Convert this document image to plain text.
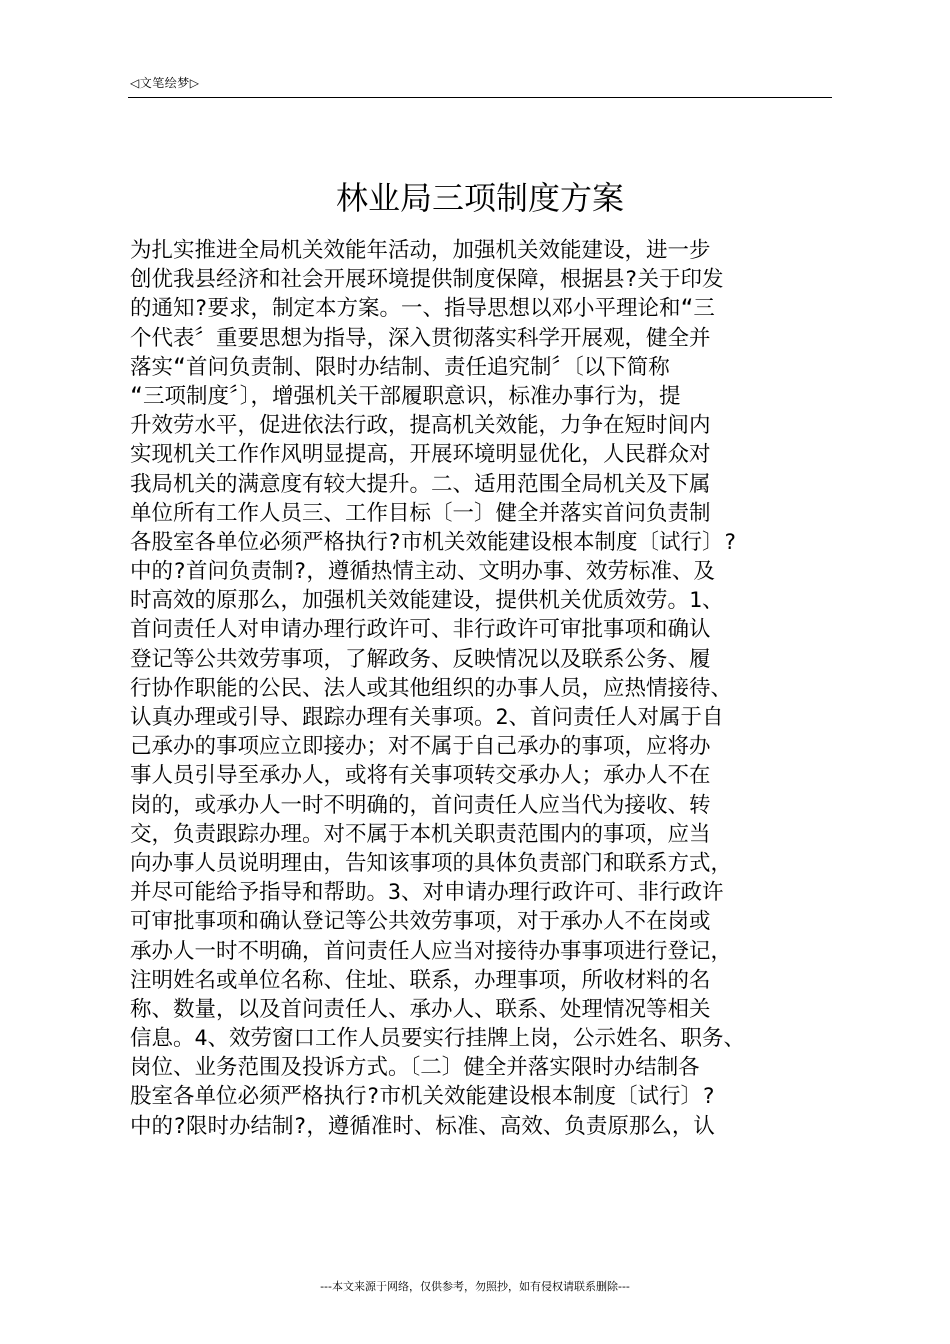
◁文笔绘梦▷
林业局三项制度方案
为扎实推进全局机关效能年活动，加强机关效能建设，进一步
创优我县经济和社会开展环境提供制度保障，根据县?关于印发
的通知?要求，制定本方案。一、指导思想以邓小平理论和“三
个代表〞重要思想为指导，深入贯彻落实科学开展观，健全并
落实“首问负责制、限时办结制、责任追究制〞〔以下简称
“三项制度〞〕，增强机关干部履职意识，标准办事行为，提
升效劳水平，促进依法行政，提高机关效能，力争在短时间内
实现机关工作作风明显提高，开展环境明显优化，人民群众对
我局机关的满意度有较大提升。二、适用范围全局机关及下属
单位所有工作人员三、工作目标〔一〕健全并落实首问负责制
各股室各单位必须严格执行?市机关效能建设根本制度〔试行〕?
中的?首问负责制?，遵循热情主动、文明办事、效劳标准、及
时高效的原那么，加强机关效能建设，提供机关优质效劳。1、
首问责任人对申请办理行政许可、非行政许可审批事项和确认
登记等公共效劳事项，了解政务、反映情况以及联系公务、履
行协作职能的公民、法人或其他组织的办事人员，应热情接待、
认真办理或引导、跟踪办理有关事项。2、首问责任人对属于自
己承办的事项应立即接办；对不属于自己承办的事项，应将办
事人员引导至承办人，或将有关事项转交承办人；承办人不在
岗的，或承办人一时不明确的，首问责任人应当代为接收、转
交，负责跟踪办理。对不属于本机关职责范围内的事项，应当
向办事人员说明理由，告知该事项的具体负责部门和联系方式，
并尽可能给予指导和帮助。3、对申请办理行政许可、非行政许
可审批事项和确认登记等公共效劳事项，对于承办人不在岗或
承办人一时不明确，首问责任人应当对接待办事事项进行登记，
注明姓名或单位名称、住址、联系，办理事项，所收材料的名
称、数量，以及首问责任人、承办人、联系、处理情况等相关
信息。4、效劳窗口工作人员要实行挂牌上岗，公示姓名、职务、
岗位、业务范围及投诉方式。〔二〕健全并落实限时办结制各
股室各单位必须严格执行?市机关效能建设根本制度〔试行〕?
中的?限时办结制?，遵循准时、标准、高效、负责原那么，认
---本文来源于网络，仅供参考，勿照抄，如有侵权请联系删除---
